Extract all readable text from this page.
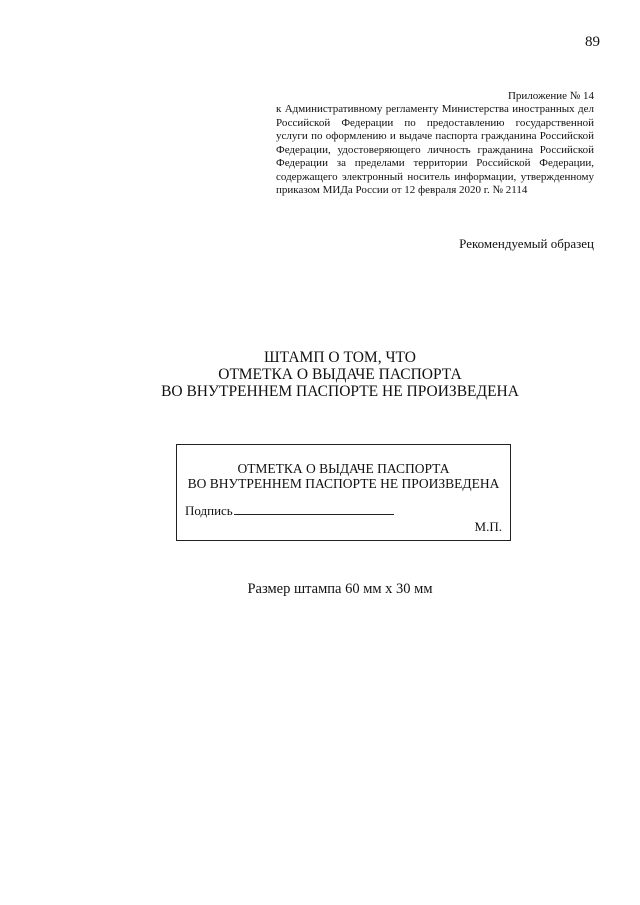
89
Приложение № 14
к Административному регламенту Министерства иностранных дел Российской Федерации по предоставлению государственной услуги по оформлению и выдаче паспорта гражданина Российской Федерации, удостоверяющего личность гражданина Российской Федерации за пределами территории Российской Федерации, содержащего электронный носитель информации, утвержденному приказом МИДа России от 12 февраля 2020 г. № 2114
Рекомендуемый образец
ШТАМП О ТОМ, ЧТО
ОТМЕТКА О ВЫДАЧЕ ПАСПОРТА
ВО ВНУТРЕННЕМ ПАСПОРТЕ НЕ ПРОИЗВЕДЕНА
ОТМЕТКА О ВЫДАЧЕ ПАСПОРТА
ВО ВНУТРЕННЕМ ПАСПОРТЕ НЕ ПРОИЗВЕДЕНА
Подпись
М.П.
Размер штампа 60 мм х 30 мм
